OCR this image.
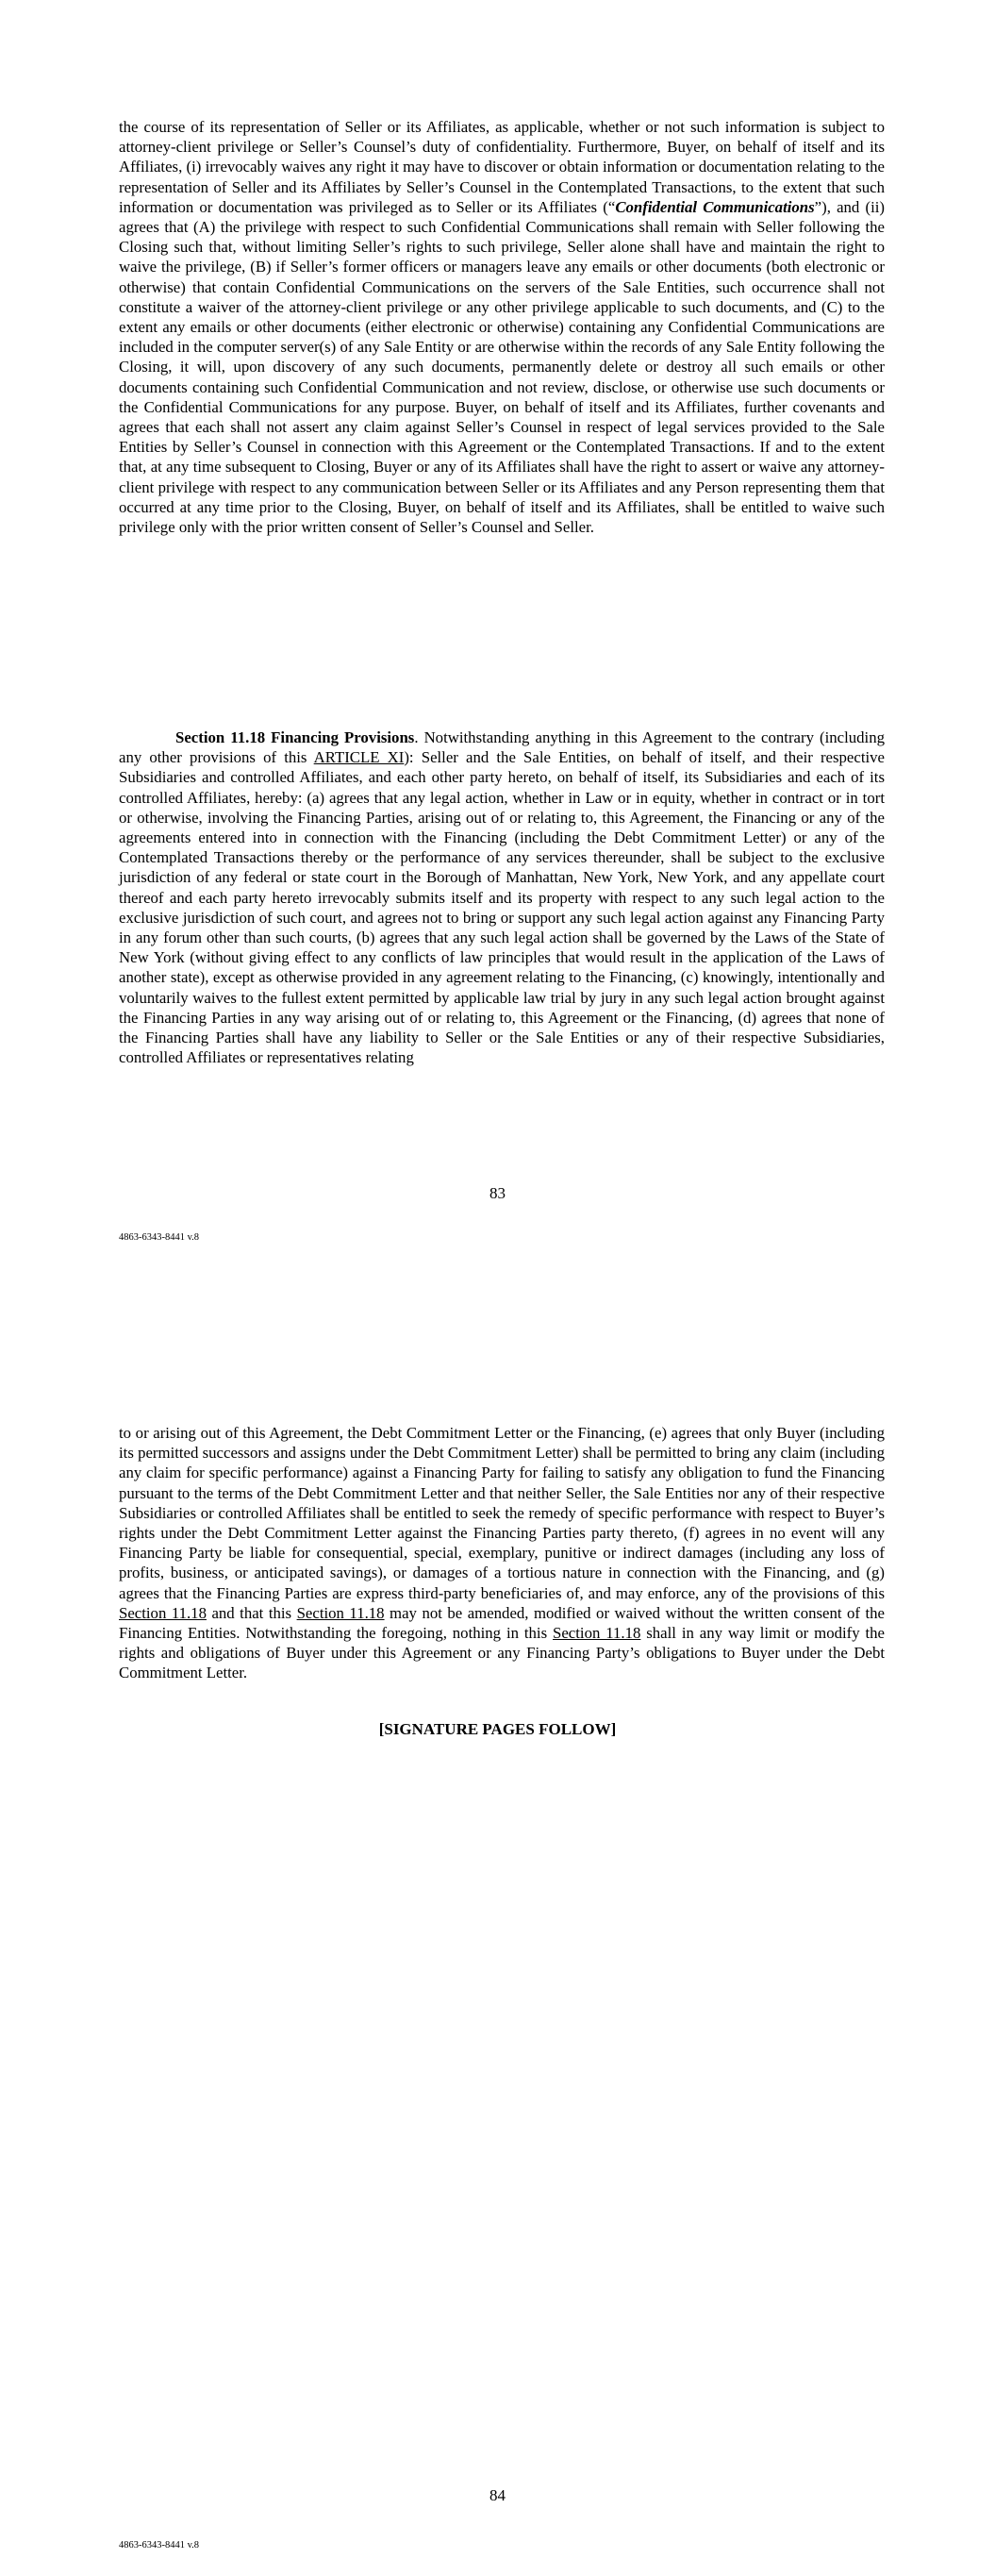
the course of its representation of Seller or its Affiliates, as applicable, whether or not such information is subject to attorney-client privilege or Seller’s Counsel’s duty of confidentiality. Furthermore, Buyer, on behalf of itself and its Affiliates, (i) irrevocably waives any right it may have to discover or obtain information or documentation relating to the representation of Seller and its Affiliates by Seller’s Counsel in the Contemplated Transactions, to the extent that such information or documentation was privileged as to Seller or its Affiliates (“Confidential Communications”), and (ii) agrees that (A) the privilege with respect to such Confidential Communications shall remain with Seller following the Closing such that, without limiting Seller’s rights to such privilege, Seller alone shall have and maintain the right to waive the privilege, (B) if Seller’s former officers or managers leave any emails or other documents (both electronic or otherwise) that contain Confidential Communications on the servers of the Sale Entities, such occurrence shall not constitute a waiver of the attorney-client privilege or any other privilege applicable to such documents, and (C) to the extent any emails or other documents (either electronic or otherwise) containing any Confidential Communications are included in the computer server(s) of any Sale Entity or are otherwise within the records of any Sale Entity following the Closing, it will, upon discovery of any such documents, permanently delete or destroy all such emails or other documents containing such Confidential Communication and not review, disclose, or otherwise use such documents or the Confidential Communications for any purpose. Buyer, on behalf of itself and its Affiliates, further covenants and agrees that each shall not assert any claim against Seller’s Counsel in respect of legal services provided to the Sale Entities by Seller’s Counsel in connection with this Agreement or the Contemplated Transactions. If and to the extent that, at any time subsequent to Closing, Buyer or any of its Affiliates shall have the right to assert or waive any attorney-client privilege with respect to any communication between Seller or its Affiliates and any Person representing them that occurred at any time prior to the Closing, Buyer, on behalf of itself and its Affiliates, shall be entitled to waive such privilege only with the prior written consent of Seller’s Counsel and Seller.

Section 11.18 Financing Provisions. Notwithstanding anything in this Agreement to the contrary (including any other provisions of this ARTICLE XI): Seller and the Sale Entities, on behalf of itself, and their respective Subsidiaries and controlled Affiliates, and each other party hereto, on behalf of itself, its Subsidiaries and each of its controlled Affiliates, hereby: (a) agrees that any legal action, whether in Law or in equity, whether in contract or in tort or otherwise, involving the Financing Parties, arising out of or relating to, this Agreement, the Financing or any of the agreements entered into in connection with the Financing (including the Debt Commitment Letter) or any of the Contemplated Transactions thereby or the performance of any services thereunder, shall be subject to the exclusive jurisdiction of any federal or state court in the Borough of Manhattan, New York, New York, and any appellate court thereof and each party hereto irrevocably submits itself and its property with respect to any such legal action to the exclusive jurisdiction of such court, and agrees not to bring or support any such legal action against any Financing Party in any forum other than such courts, (b) agrees that any such legal action shall be governed by the Laws of the State of New York (without giving effect to any conflicts of law principles that would result in the application of the Laws of another state), except as otherwise provided in any agreement relating to the Financing, (c) knowingly, intentionally and voluntarily waives to the fullest extent permitted by applicable law trial by jury in any such legal action brought against the Financing Parties in any way arising out of or relating to, this Agreement or the Financing, (d) agrees that none of the Financing Parties shall have any liability to Seller or the Sale Entities or any of their respective Subsidiaries, controlled Affiliates or representatives relating

83
4863-6343-8441 v.8

to or arising out of this Agreement, the Debt Commitment Letter or the Financing, (e) agrees that only Buyer (including its permitted successors and assigns under the Debt Commitment Letter) shall be permitted to bring any claim (including any claim for specific performance) against a Financing Party for failing to satisfy any obligation to fund the Financing pursuant to the terms of the Debt Commitment Letter and that neither Seller, the Sale Entities nor any of their respective Subsidiaries or controlled Affiliates shall be entitled to seek the remedy of specific performance with respect to Buyer’s rights under the Debt Commitment Letter against the Financing Parties party thereto, (f) agrees in no event will any Financing Party be liable for consequential, special, exemplary, punitive or indirect damages (including any loss of profits, business, or anticipated savings), or damages of a tortious nature in connection with the Financing, and (g) agrees that the Financing Parties are express third-party beneficiaries of, and may enforce, any of the provisions of this Section 11.18 and that this Section 11.18 may not be amended, modified or waived without the written consent of the Financing Entities. Notwithstanding the foregoing, nothing in this Section 11.18 shall in any way limit or modify the rights and obligations of Buyer under this Agreement or any Financing Party’s obligations to Buyer under the Debt Commitment Letter.

[SIGNATURE PAGES FOLLOW]
84
4863-6343-8441 v.8
